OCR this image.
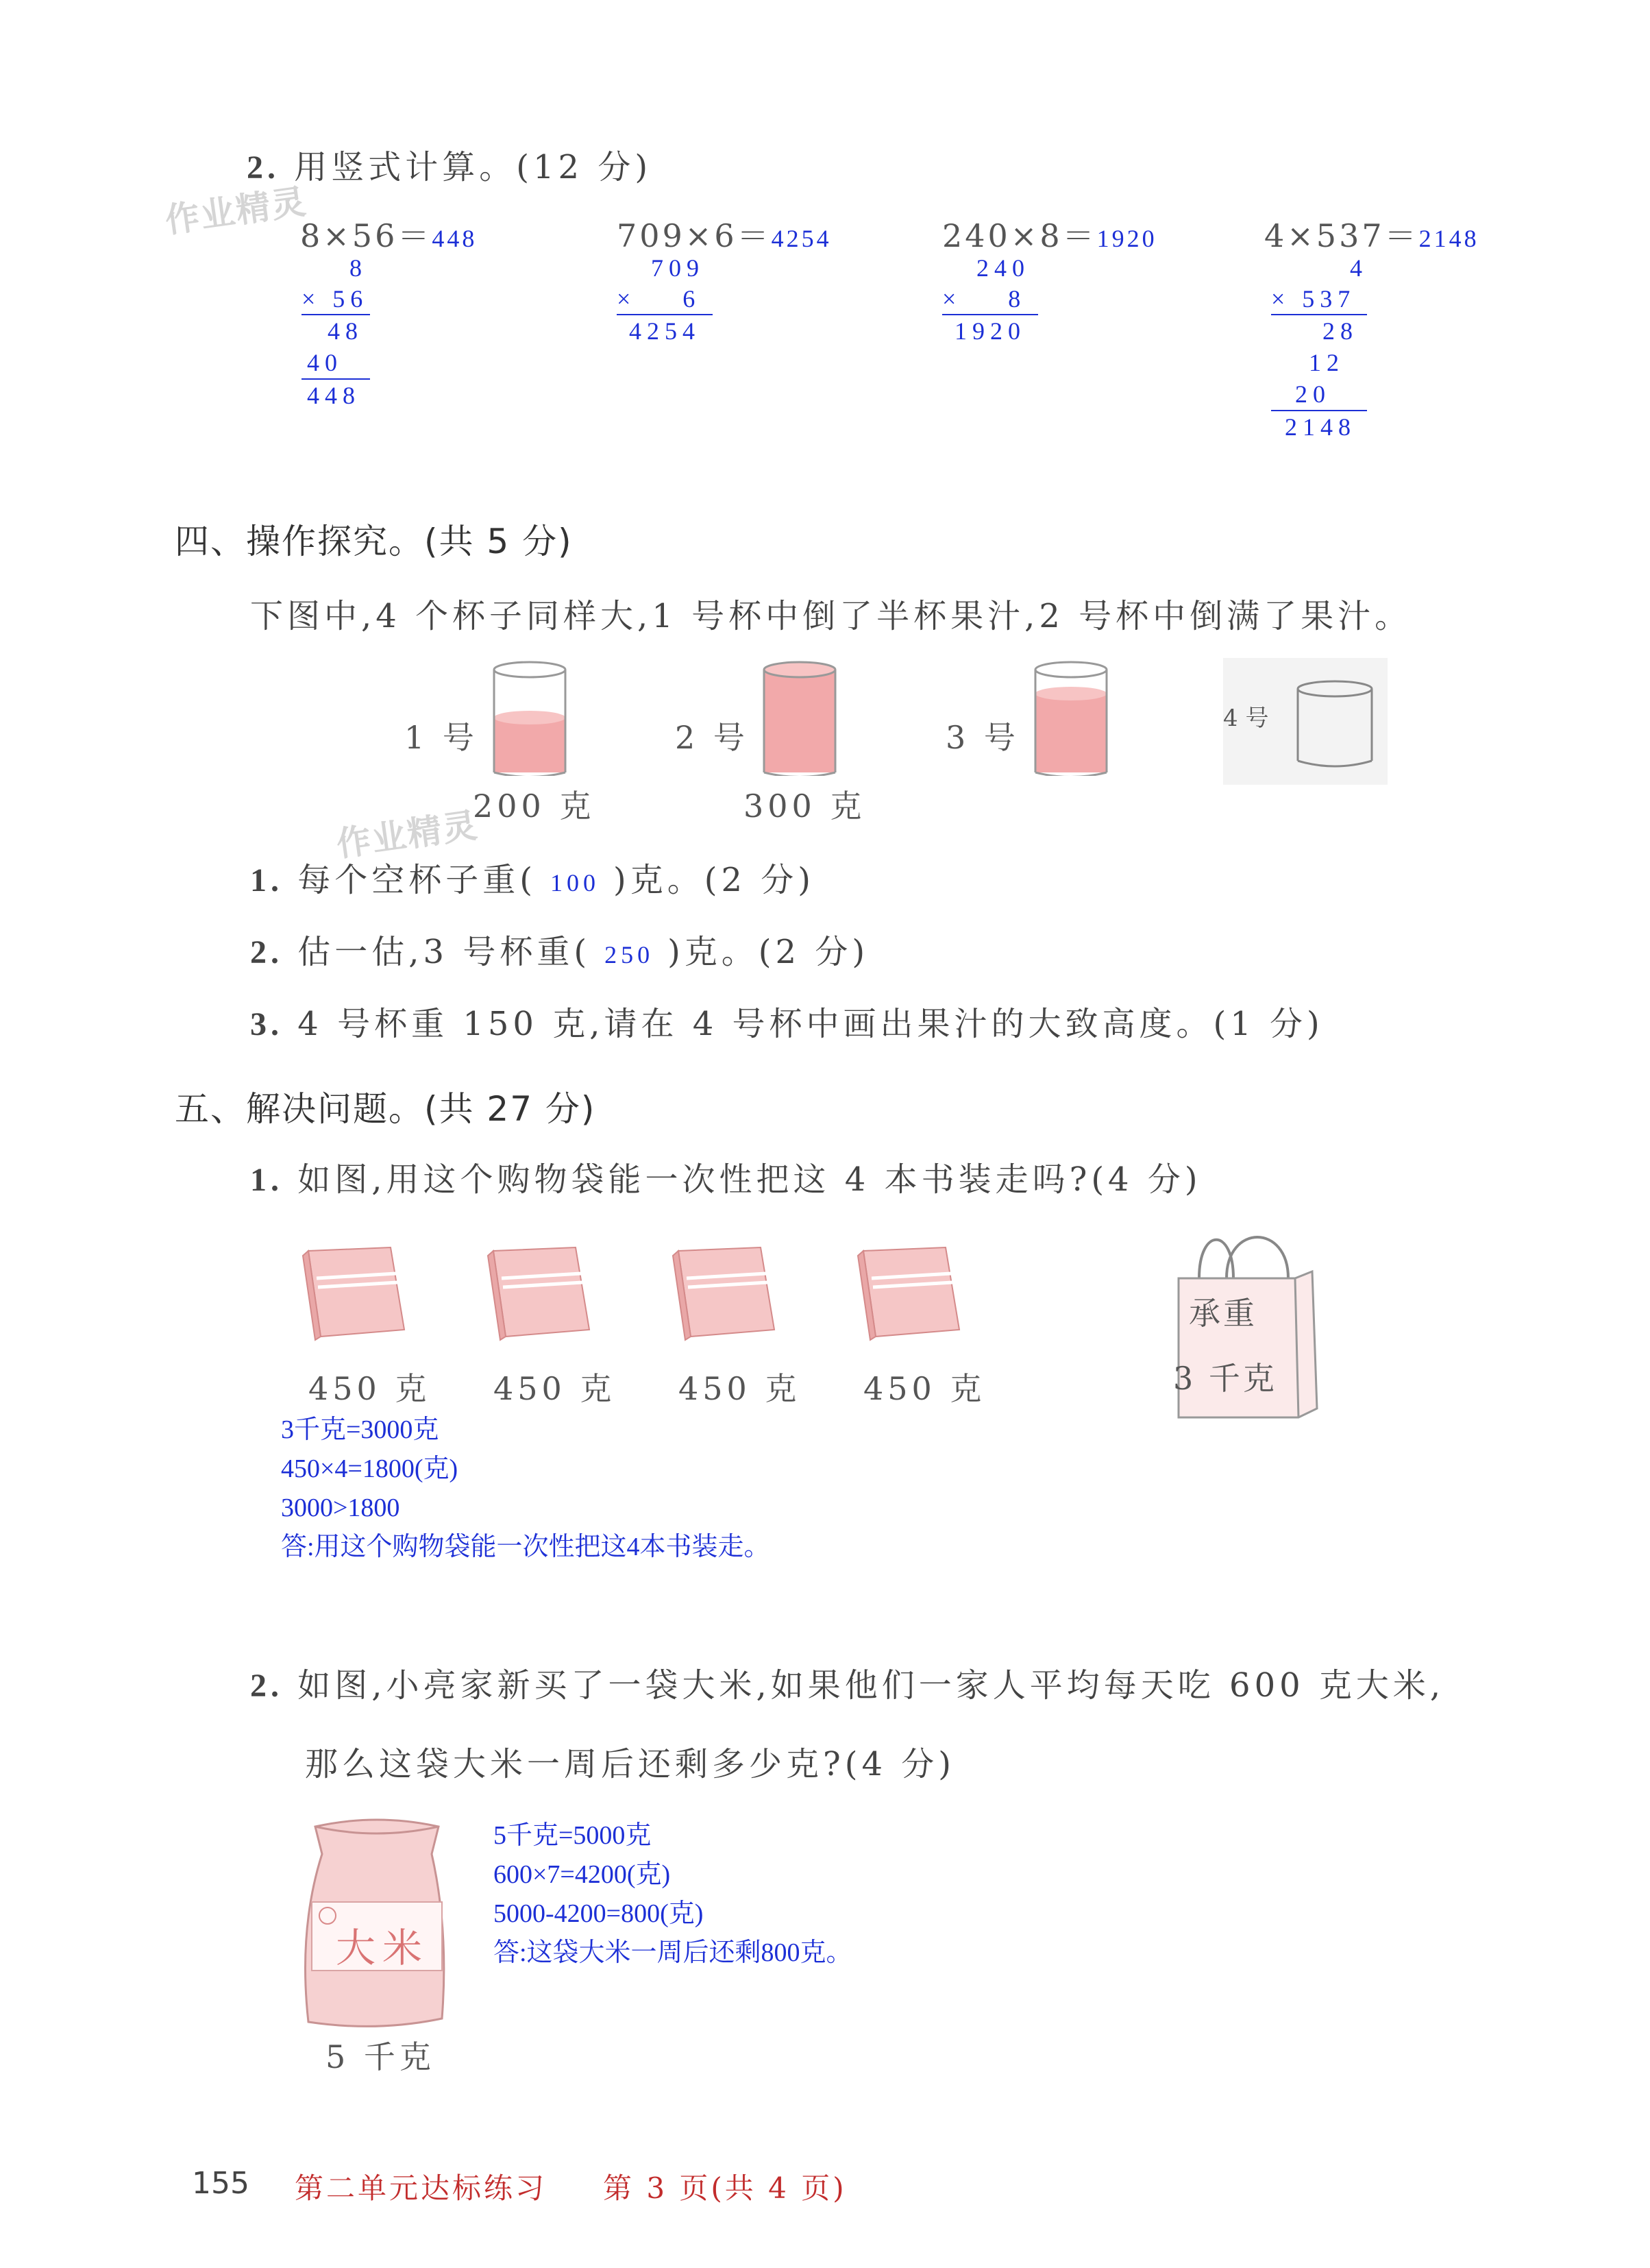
2. 用竖式计算。(12 分)
作业精灵
8×56＝448
8
× 56
48
40
448
709×6＝4254
709
×    6
4254
240×8＝1920
240
×    8
1920
4×537＝2148
4
× 537
28
12
20
2148
四、操作探究。(共 5 分)
下图中,4 个杯子同样大,1 号杯中倒了半杯果汁,2 号杯中倒满了果汁。
1 号
200 克
2 号
300 克
3 号
4 号
作业精灵
1. 每个空杯子重( 100 )克。(2 分)
2. 估一估,3 号杯重( 250 )克。(2 分)
3. 4 号杯重 150 克,请在 4 号杯中画出果汁的大致高度。(1 分)
五、解决问题。(共 27 分)
1. 如图,用这个购物袋能一次性把这 4 本书装走吗?(4 分)
450 克 450 克 450 克 450 克
承重
3 千克
3千克=3000克
450×4=1800(克)
3000>1800
答:用这个购物袋能一次性把这4本书装走。
2. 如图,小亮家新买了一袋大米,如果他们一家人平均每天吃 600 克大米,
那么这袋大米一周后还剩多少克?(4 分)
大米
5 千克
5千克=5000克
600×7=4200(克)
5000-4200=800(克)
答:这袋大米一周后还剩800克。
155 第二单元达标练习 第 3 页(共 4 页)
